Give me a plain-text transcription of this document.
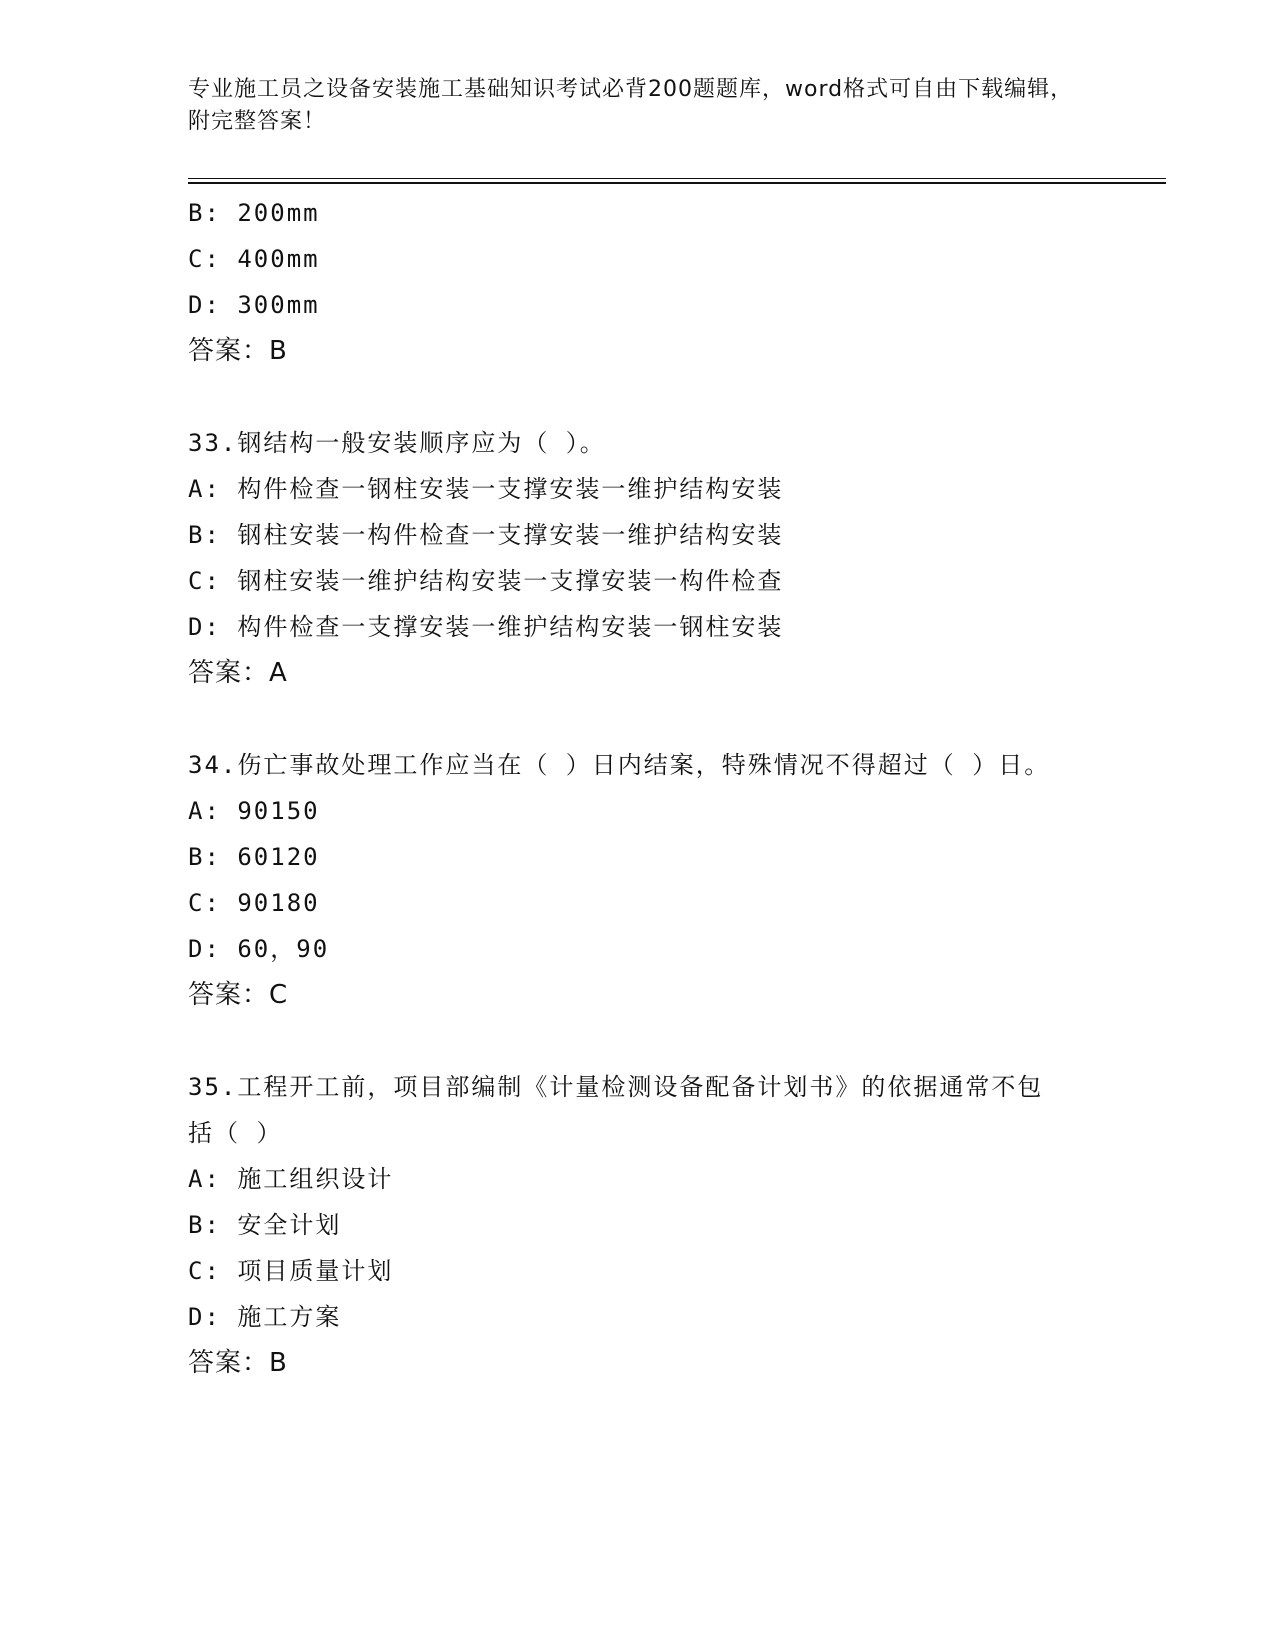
专业施工员之设备安装施工基础知识考试必背200题题库，word格式可自由下载编辑，附完整答案！
B: 200mm
C: 400mm
D: 300mm
答案：B
33.钢结构一般安装顺序应为（ ）。
A: 构件检查一钢柱安装一支撑安装一维护结构安装
B: 钢柱安装一构件检查一支撑安装一维护结构安装
C: 钢柱安装一维护结构安装一支撑安装一构件检查
D: 构件检查一支撑安装一维护结构安装一钢柱安装
答案：A
34.伤亡事故处理工作应当在（ ）日内结案，特殊情况不得超过（ ）日。
A: 90150
B: 60120
C: 90180
D: 60，90
答案：C
35.工程开工前，项目部编制《计量检测设备配备计划书》的依据通常不包括（ ）
A: 施工组织设计
B: 安全计划
C: 项目质量计划
D: 施工方案
答案：B
